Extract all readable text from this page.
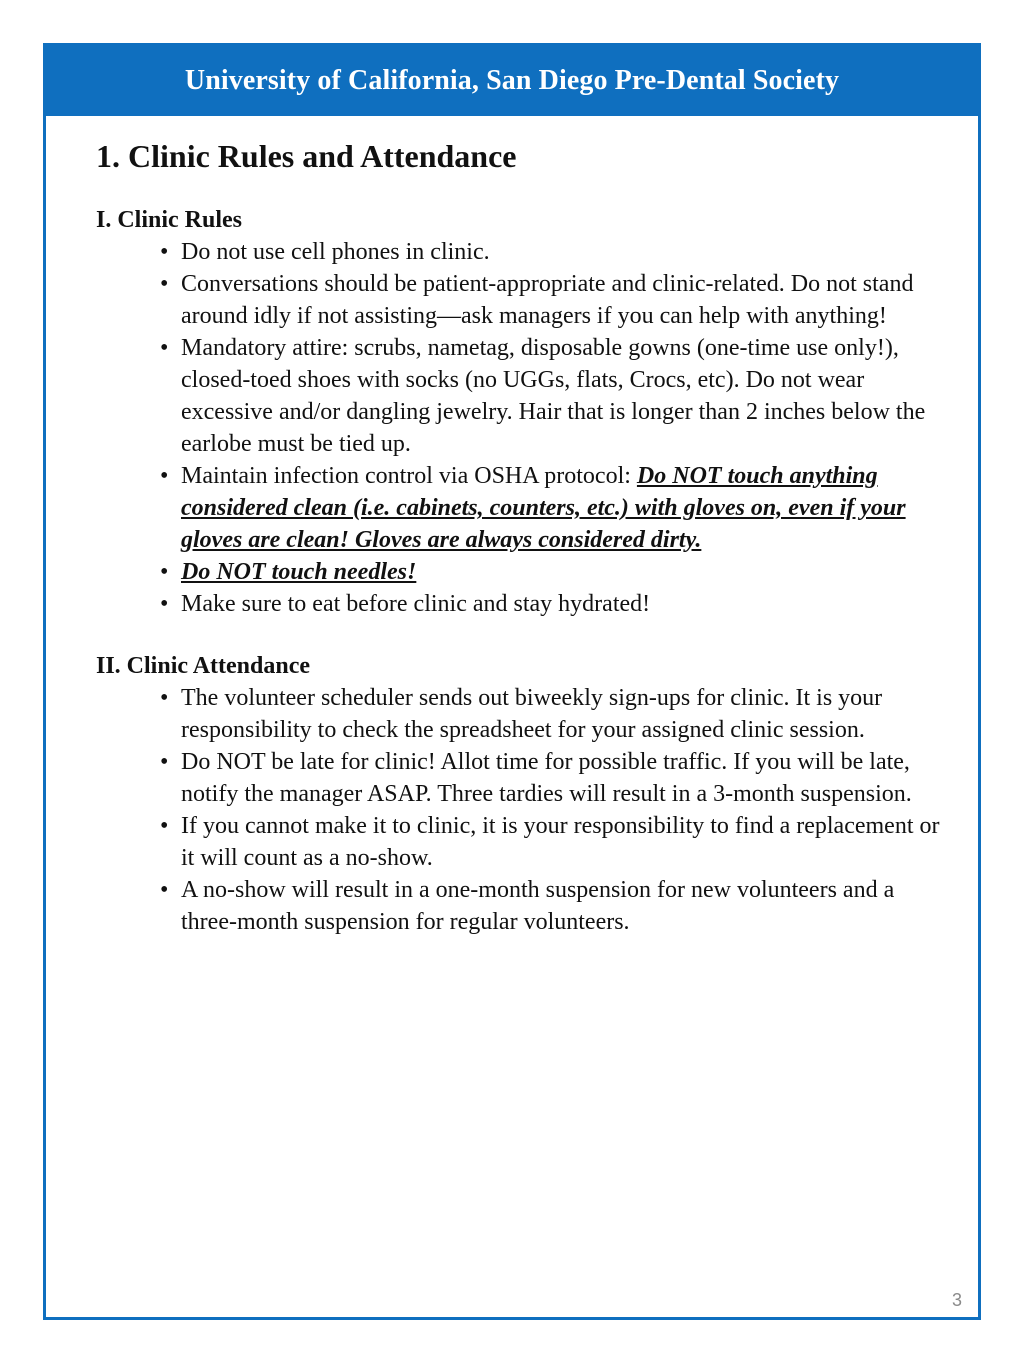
University of California, San Diego Pre-Dental Society
1. Clinic Rules and Attendance
I. Clinic Rules
• Do not use cell phones in clinic.
• Conversations should be patient-appropriate and clinic-related. Do not stand around idly if not assisting—ask managers if you can help with anything!
• Mandatory attire: scrubs, nametag, disposable gowns (one-time use only!), closed-toed shoes with socks (no UGGs, flats, Crocs, etc). Do not wear excessive and/or dangling jewelry. Hair that is longer than 2 inches below the earlobe must be tied up.
• Maintain infection control via OSHA protocol: Do NOT touch anything considered clean (i.e. cabinets, counters, etc.) with gloves on, even if your gloves are clean! Gloves are always considered dirty.
• Do NOT touch needles!
• Make sure to eat before clinic and stay hydrated!
II. Clinic Attendance
• The volunteer scheduler sends out biweekly sign-ups for clinic. It is your responsibility to check the spreadsheet for your assigned clinic session.
• Do NOT be late for clinic! Allot time for possible traffic. If you will be late, notify the manager ASAP. Three tardies will result in a 3-month suspension.
• If you cannot make it to clinic, it is your responsibility to find a replacement or it will count as a no-show.
• A no-show will result in a one-month suspension for new volunteers and a three-month suspension for regular volunteers.
3
